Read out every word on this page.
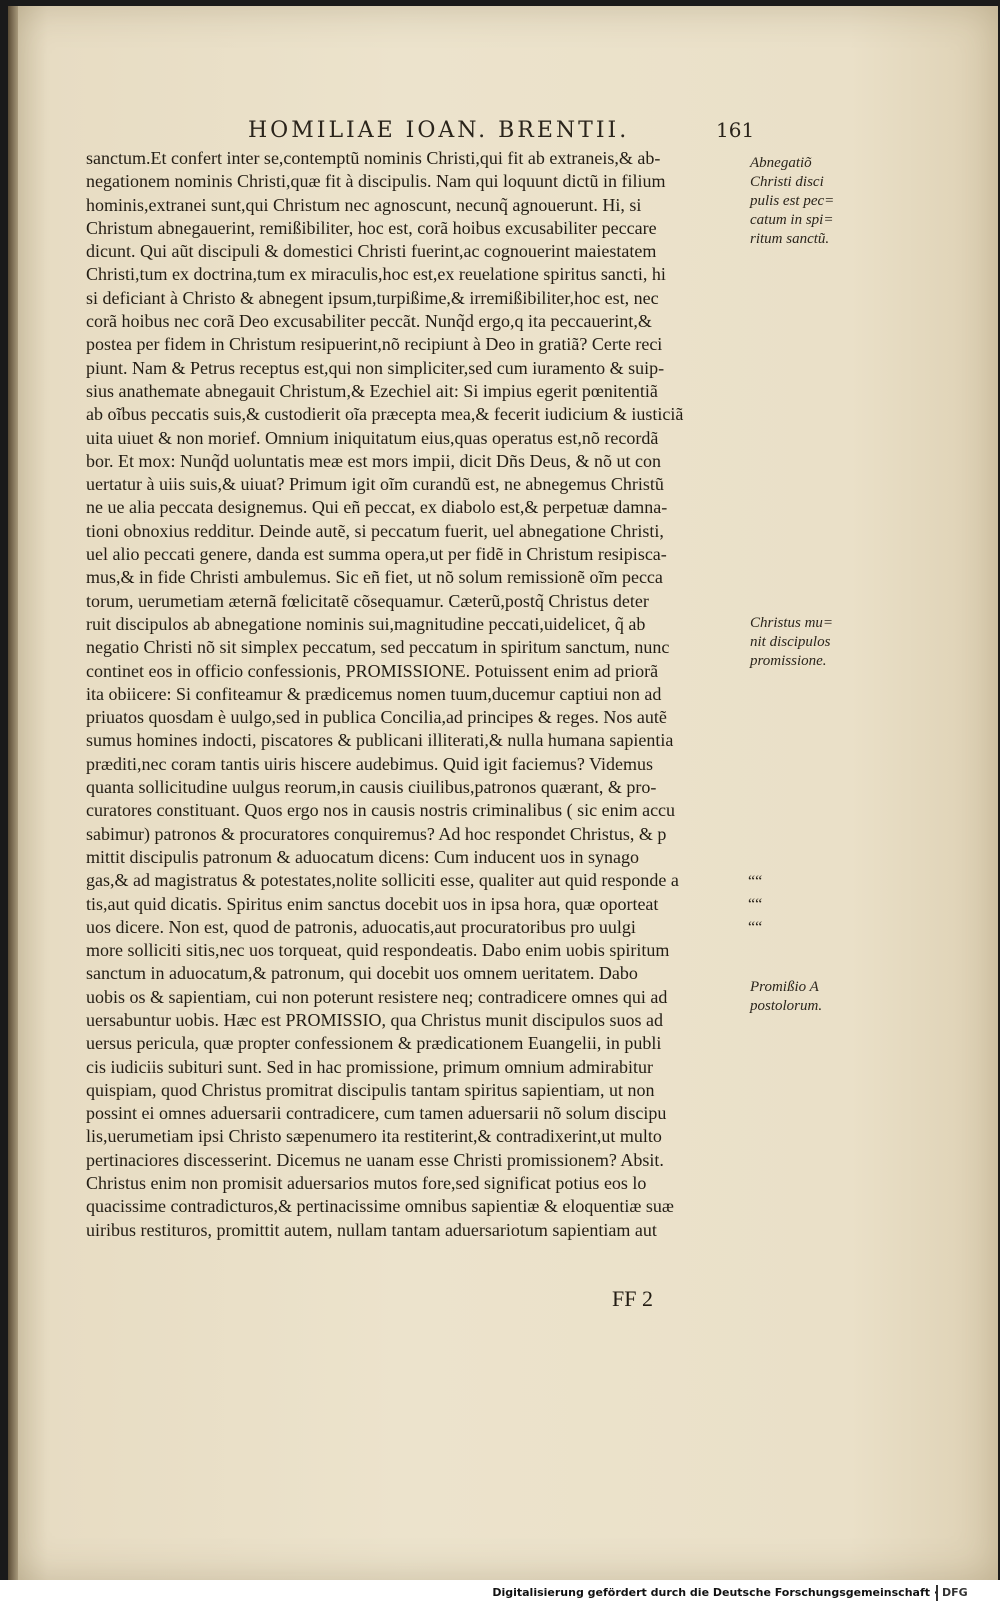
HOMILIAE IOAN. BRENTII.	161
sanctum.Et confert inter se,contemptũ nominis Christi,qui fit ab extraneis,& ab-
negationem nominis Christi,quæ fit à discipulis. Nam qui loquunt dictũ in filium
hominis,extranei sunt,qui Christum nec agnoscunt, necunq̃ agnouerunt. Hi, si
Christum abnegauerint, remißibiliter, hoc est, corã hoibus excusabiliter peccare
dicunt. Qui aũt discipuli & domestici Christi fuerint,ac cognouerint maiestatem
Christi,tum ex doctrina,tum ex miraculis,hoc est,ex reuelatione spiritus sancti, hi
si deficiant à Christo & abnegent ipsum,turpißime,& irremißibiliter,hoc est, nec
corã hoibus nec corã Deo excusabiliter peccãt. Nunq̃d ergo,q ita peccauerint,&
postea per fidem in Christum resipuerint,nõ recipiunt à Deo in gratiã? Certe reci
piunt. Nam & Petrus receptus est,qui non simpliciter,sed cum iuramento & suip-
sius anathemate abnegauit Christum,& Ezechiel ait: Si impius egerit pœnitentiã
ab oĩbus peccatis suis,& custodierit oĩa præcepta mea,& fecerit iudicium & iusticiã
uita uiuet & non morief. Omnium iniquitatum eius,quas operatus est,nõ recordã
bor. Et mox: Nunq̃d uoluntatis meæ est mors impii, dicit Dñs Deus, & nõ ut con
uertatur à uiis suis,& uiuat? Primum igit oĩm curandũ est, ne abnegemus Christũ
ne ue alia peccata designemus. Qui eñ peccat, ex diabolo est,& perpetuæ damna-
tioni obnoxius redditur. Deinde autẽ, si peccatum fuerit, uel abnegatione Christi,
uel alio peccati genere, danda est summa opera,ut per fidẽ in Christum resipisca-
mus,& in fide Christi ambulemus. Sic eñ fiet, ut nõ solum remissionẽ oĩm pecca
torum, uerumetiam æternã fœlicitatẽ cõsequamur. Cæterũ,postq̃ Christus deter
ruit discipulos ab abnegatione nominis sui,magnitudine peccati,uidelicet, q̃ ab
negatio Christi nõ sit simplex peccatum, sed peccatum in spiritum sanctum, nunc
continet eos in officio confessionis, PROMISSIONE. Potuissent enim ad priorã
ita obiicere: Si confiteamur & prædicemus nomen tuum,ducemur captiui non ad
priuatos quosdam è uulgo,sed in publica Concilia,ad principes & reges. Nos autẽ
sumus homines indocti, piscatores & publicani illiterati,& nulla humana sapientia
præditi,nec coram tantis uiris hiscere audebimus. Quid igit faciemus? Videmus
quanta sollicitudine uulgus reorum,in causis ciuilibus,patronos quærant, & pro-
curatores constituant. Quos ergo nos in causis nostris criminalibus ( sic enim accu
sabimur) patronos & procuratores conquiremus? Ad hoc respondet Christus, & p
mittit discipulis patronum & aduocatum dicens: Cum inducent uos in synago
gas,& ad magistratus & potestates,nolite solliciti esse, qualiter aut quid responde a
tis,aut quid dicatis. Spiritus enim sanctus docebit uos in ipsa hora, quæ oporteat
uos dicere. Non est, quod de patronis, aduocatis,aut procuratoribus pro uulgi
more solliciti sitis,nec uos torqueat, quid respondeatis. Dabo enim uobis spiritum
sanctum in aduocatum,& patronum, qui docebit uos omnem ueritatem. Dabo
uobis os & sapientiam, cui non poterunt resistere neq; contradicere omnes qui ad
uersabuntur uobis. Hæc est PROMISSIO, qua Christus munit discipulos suos ad
uersus pericula, quæ propter confessionem & prædicationem Euangelii, in publi
cis iudiciis subituri sunt. Sed in hac promissione, primum omnium admirabitur
quispiam, quod Christus promitrat discipulis tantam spiritus sapientiam, ut non
possint ei omnes aduersarii contradicere, cum tamen aduersarii nõ solum discipu
lis,uerumetiam ipsi Christo sæpenumero ita restiterint,& contradixerint,ut multo
pertinaciores discesserint. Dicemus ne uanam esse Christi promissionem? Absit.
Christus enim non promisit aduersarios mutos fore,sed significat potius eos lo
quacissime contradicturos,& pertinacissime omnibus sapientiæ & eloquentiæ suæ
uiribus restituros, promittit autem, nullam tantam aduersariotum sapientiam aut
Abnegatiõ
Christi disci
pulis est pec=
catum in spi=
ritum sanctũ.
Christus mu=
nit discipulos
promissione.
““
““
““
Promißio A
postolorum.
FF 2
Digitalisierung gefördert durch die Deutsche Forschungsgemeinschaft · DFG
